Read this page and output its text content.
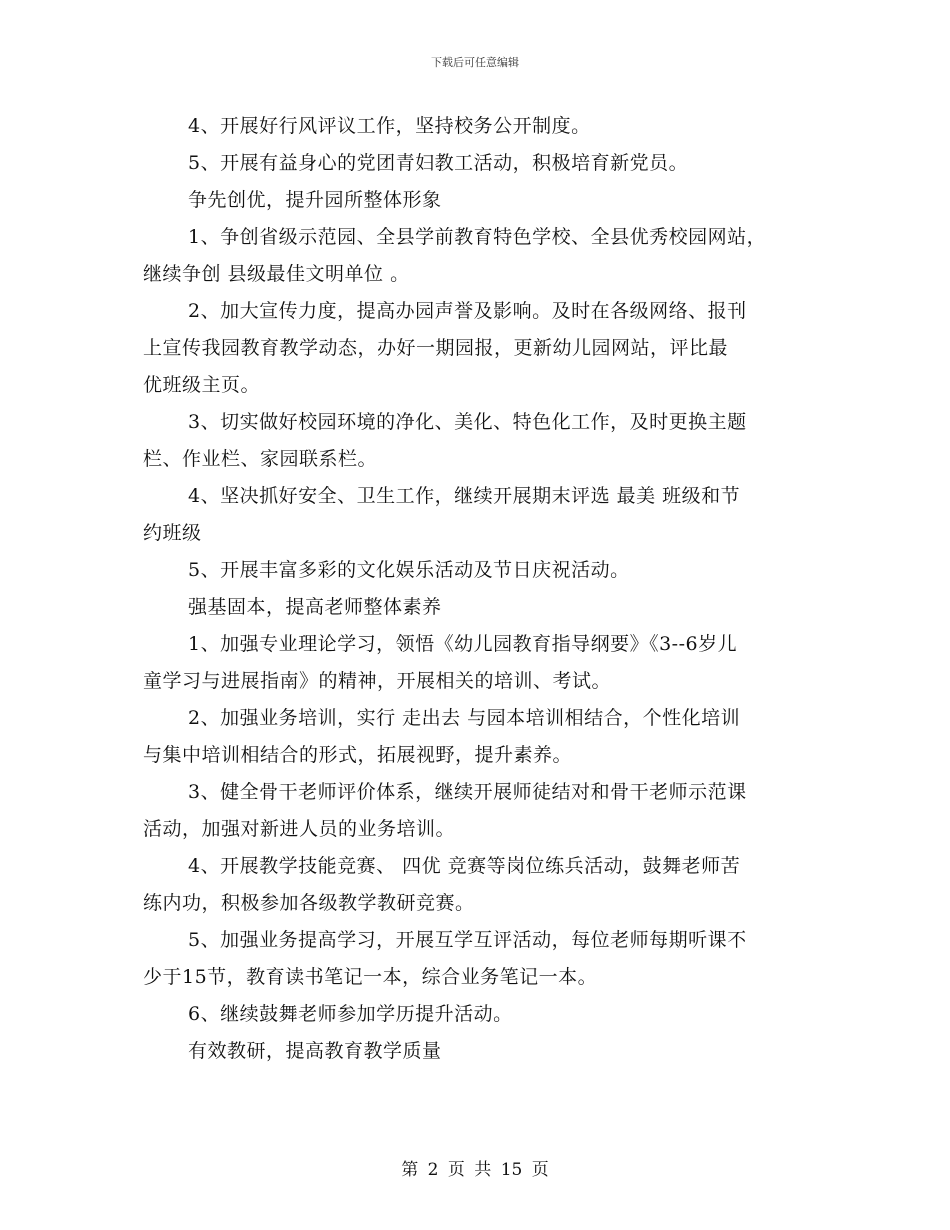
下载后可任意编辑

4、开展好行风评议工作，坚持校务公开制度。

5、开展有益身心的党团青妇教工活动，积极培育新党员。

争先创优，提升园所整体形象

1、争创省级示范园、全县学前教育特色学校、全县优秀校园网站，

继续争创 县级最佳文明单位 。

2、加大宣传力度，提高办园声誉及影响。及时在各级网络、报刊

上宣传我园教育教学动态，办好一期园报，更新幼儿园网站，评比最

优班级主页。

3、切实做好校园环境的净化、美化、特色化工作，及时更换主题

栏、作业栏、家园联系栏。

4、坚决抓好安全、卫生工作，继续开展期末评选 最美 班级和节

约班级

5、开展丰富多彩的文化娱乐活动及节日庆祝活动。

强基固本，提高老师整体素养

1、加强专业理论学习，领悟《幼儿园教育指导纲要》《3--6岁儿

童学习与进展指南》的精神，开展相关的培训、考试。

2、加强业务培训，实行 走出去 与园本培训相结合，个性化培训

与集中培训相结合的形式，拓展视野，提升素养。

3、健全骨干老师评价体系，继续开展师徒结对和骨干老师示范课

活动，加强对新进人员的业务培训。

4、开展教学技能竞赛、 四优 竞赛等岗位练兵活动，鼓舞老师苦

练内功，积极参加各级教学教研竞赛。

5、加强业务提高学习，开展互学互评活动，每位老师每期听课不

少于15节，教育读书笔记一本，综合业务笔记一本。

6、继续鼓舞老师参加学历提升活动。

有效教研，提高教育教学质量

第 2 页 共 15 页
